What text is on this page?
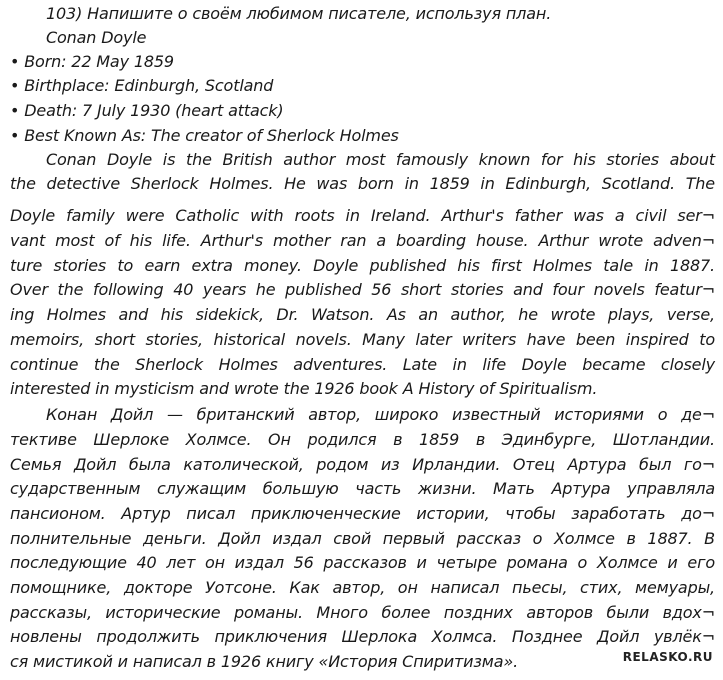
103) Напишите о своём любимом писателе, используя план.
Conan Doyle
• Born: 22 May 1859
• Birthplace: Edinburgh, Scotland
• Death: 7 July 1930 (heart attack)
• Best Known As: The creator of Sherlock Holmes
Conan Doyle is the British author most famously known for his stories about
the detective Sherlock Holmes. He was born in 1859 in Edinburgh, Scotland. The
Doyle family were Catholic with roots in Ireland. Arthur's father was a civil ser¬
vant most of his life. Arthur's mother ran a boarding house. Arthur wrote adven¬
ture stories to earn extra money. Doyle published his first Holmes tale in 1887.
Over the following 40 years he published 56 short stories and four novels featur¬
ing Holmes and his sidekick, Dr. Watson. As an author, he wrote plays, verse,
memoirs, short stories, historical novels. Many later writers have been inspired to
continue the Sherlock Holmes adventures. Late in life Doyle became closely
interested in mysticism and wrote the 1926 book A History of Spiritualism.
Конан Дойл — британский автор, широко известный историями о де¬
тективе Шерлоке Холмсе. Он родился в 1859 в Эдинбурге, Шотландии.
Семья Дойл была католической, родом из Ирландии. Отец Артура был го¬
сударственным служащим большую часть жизни. Мать Артура управляла
пансионом. Артур писал приключенческие истории, чтобы заработать до¬
полнительные деньги. Дойл издал свой первый рассказ о Холмсе в 1887. В
последующие 40 лет он издал 56 рассказов и четыре романа о Холмсе и его
помощнике, докторе Уотсоне. Как автор, он написал пьесы, стих, мемуары,
рассказы, исторические романы. Много более поздних авторов были вдох¬
новлены продолжить приключения Шерлока Холмса. Позднее Дойл увлёк¬
ся мистикой и написал в 1926 книгу «История Спиритизма».	RELASKO.RU
